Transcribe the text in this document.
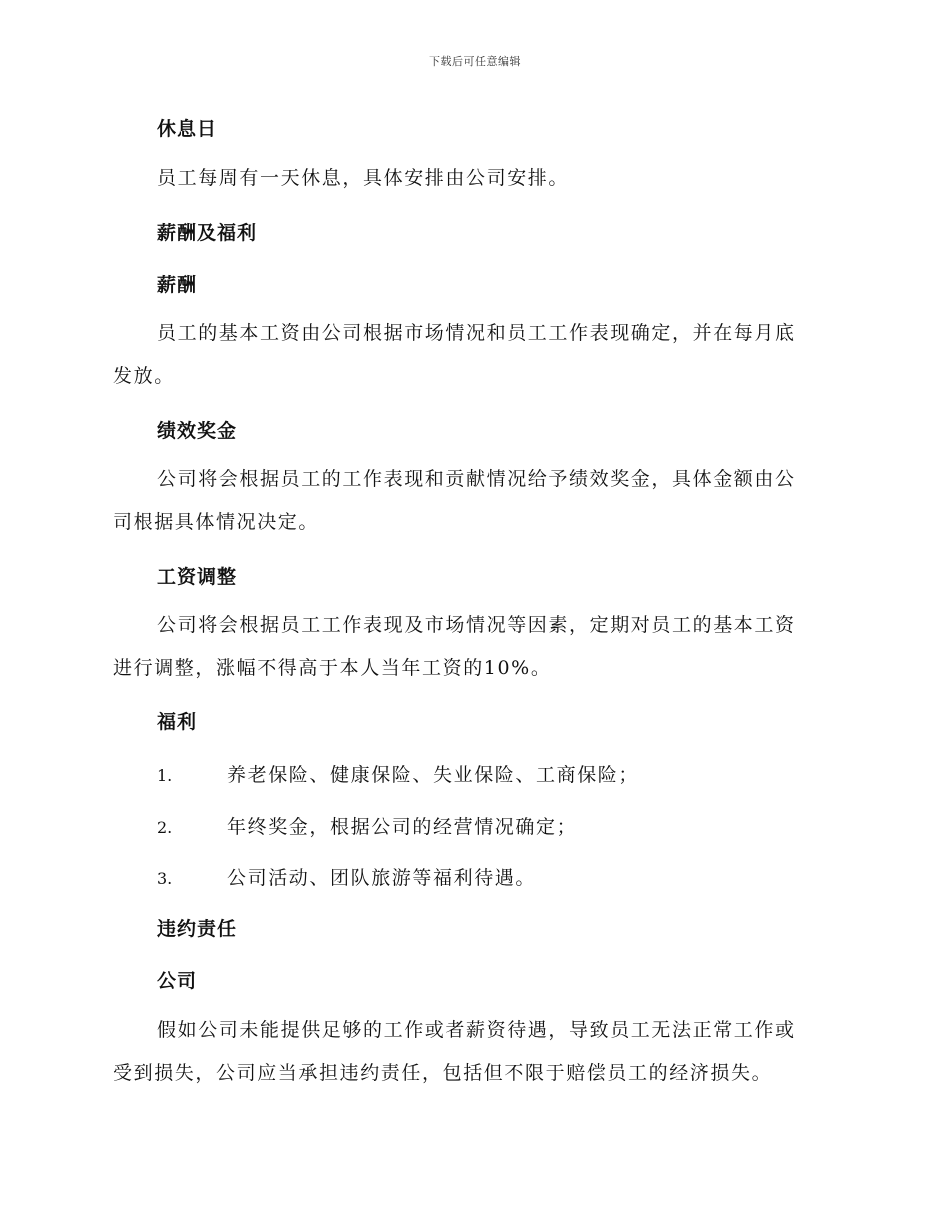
下载后可任意编辑
休息日
员工每周有一天休息，具体安排由公司安排。
薪酬及福利
薪酬
员工的基本工资由公司根据市场情况和员工工作表现确定，并在每月底
发放。
绩效奖金
公司将会根据员工的工作表现和贡献情况给予绩效奖金，具体金额由公
司根据具体情况决定。
工资调整
公司将会根据员工工作表现及市场情况等因素，定期对员工的基本工资
进行调整，涨幅不得高于本人当年工资的10%。
福利
1.	养老保险、健康保险、失业保险、工商保险；
2.	年终奖金，根据公司的经营情况确定；
3.	公司活动、团队旅游等福利待遇。
违约责任
公司
假如公司未能提供足够的工作或者薪资待遇，导致员工无法正常工作或
受到损失，公司应当承担违约责任，包括但不限于赔偿员工的经济损失。
